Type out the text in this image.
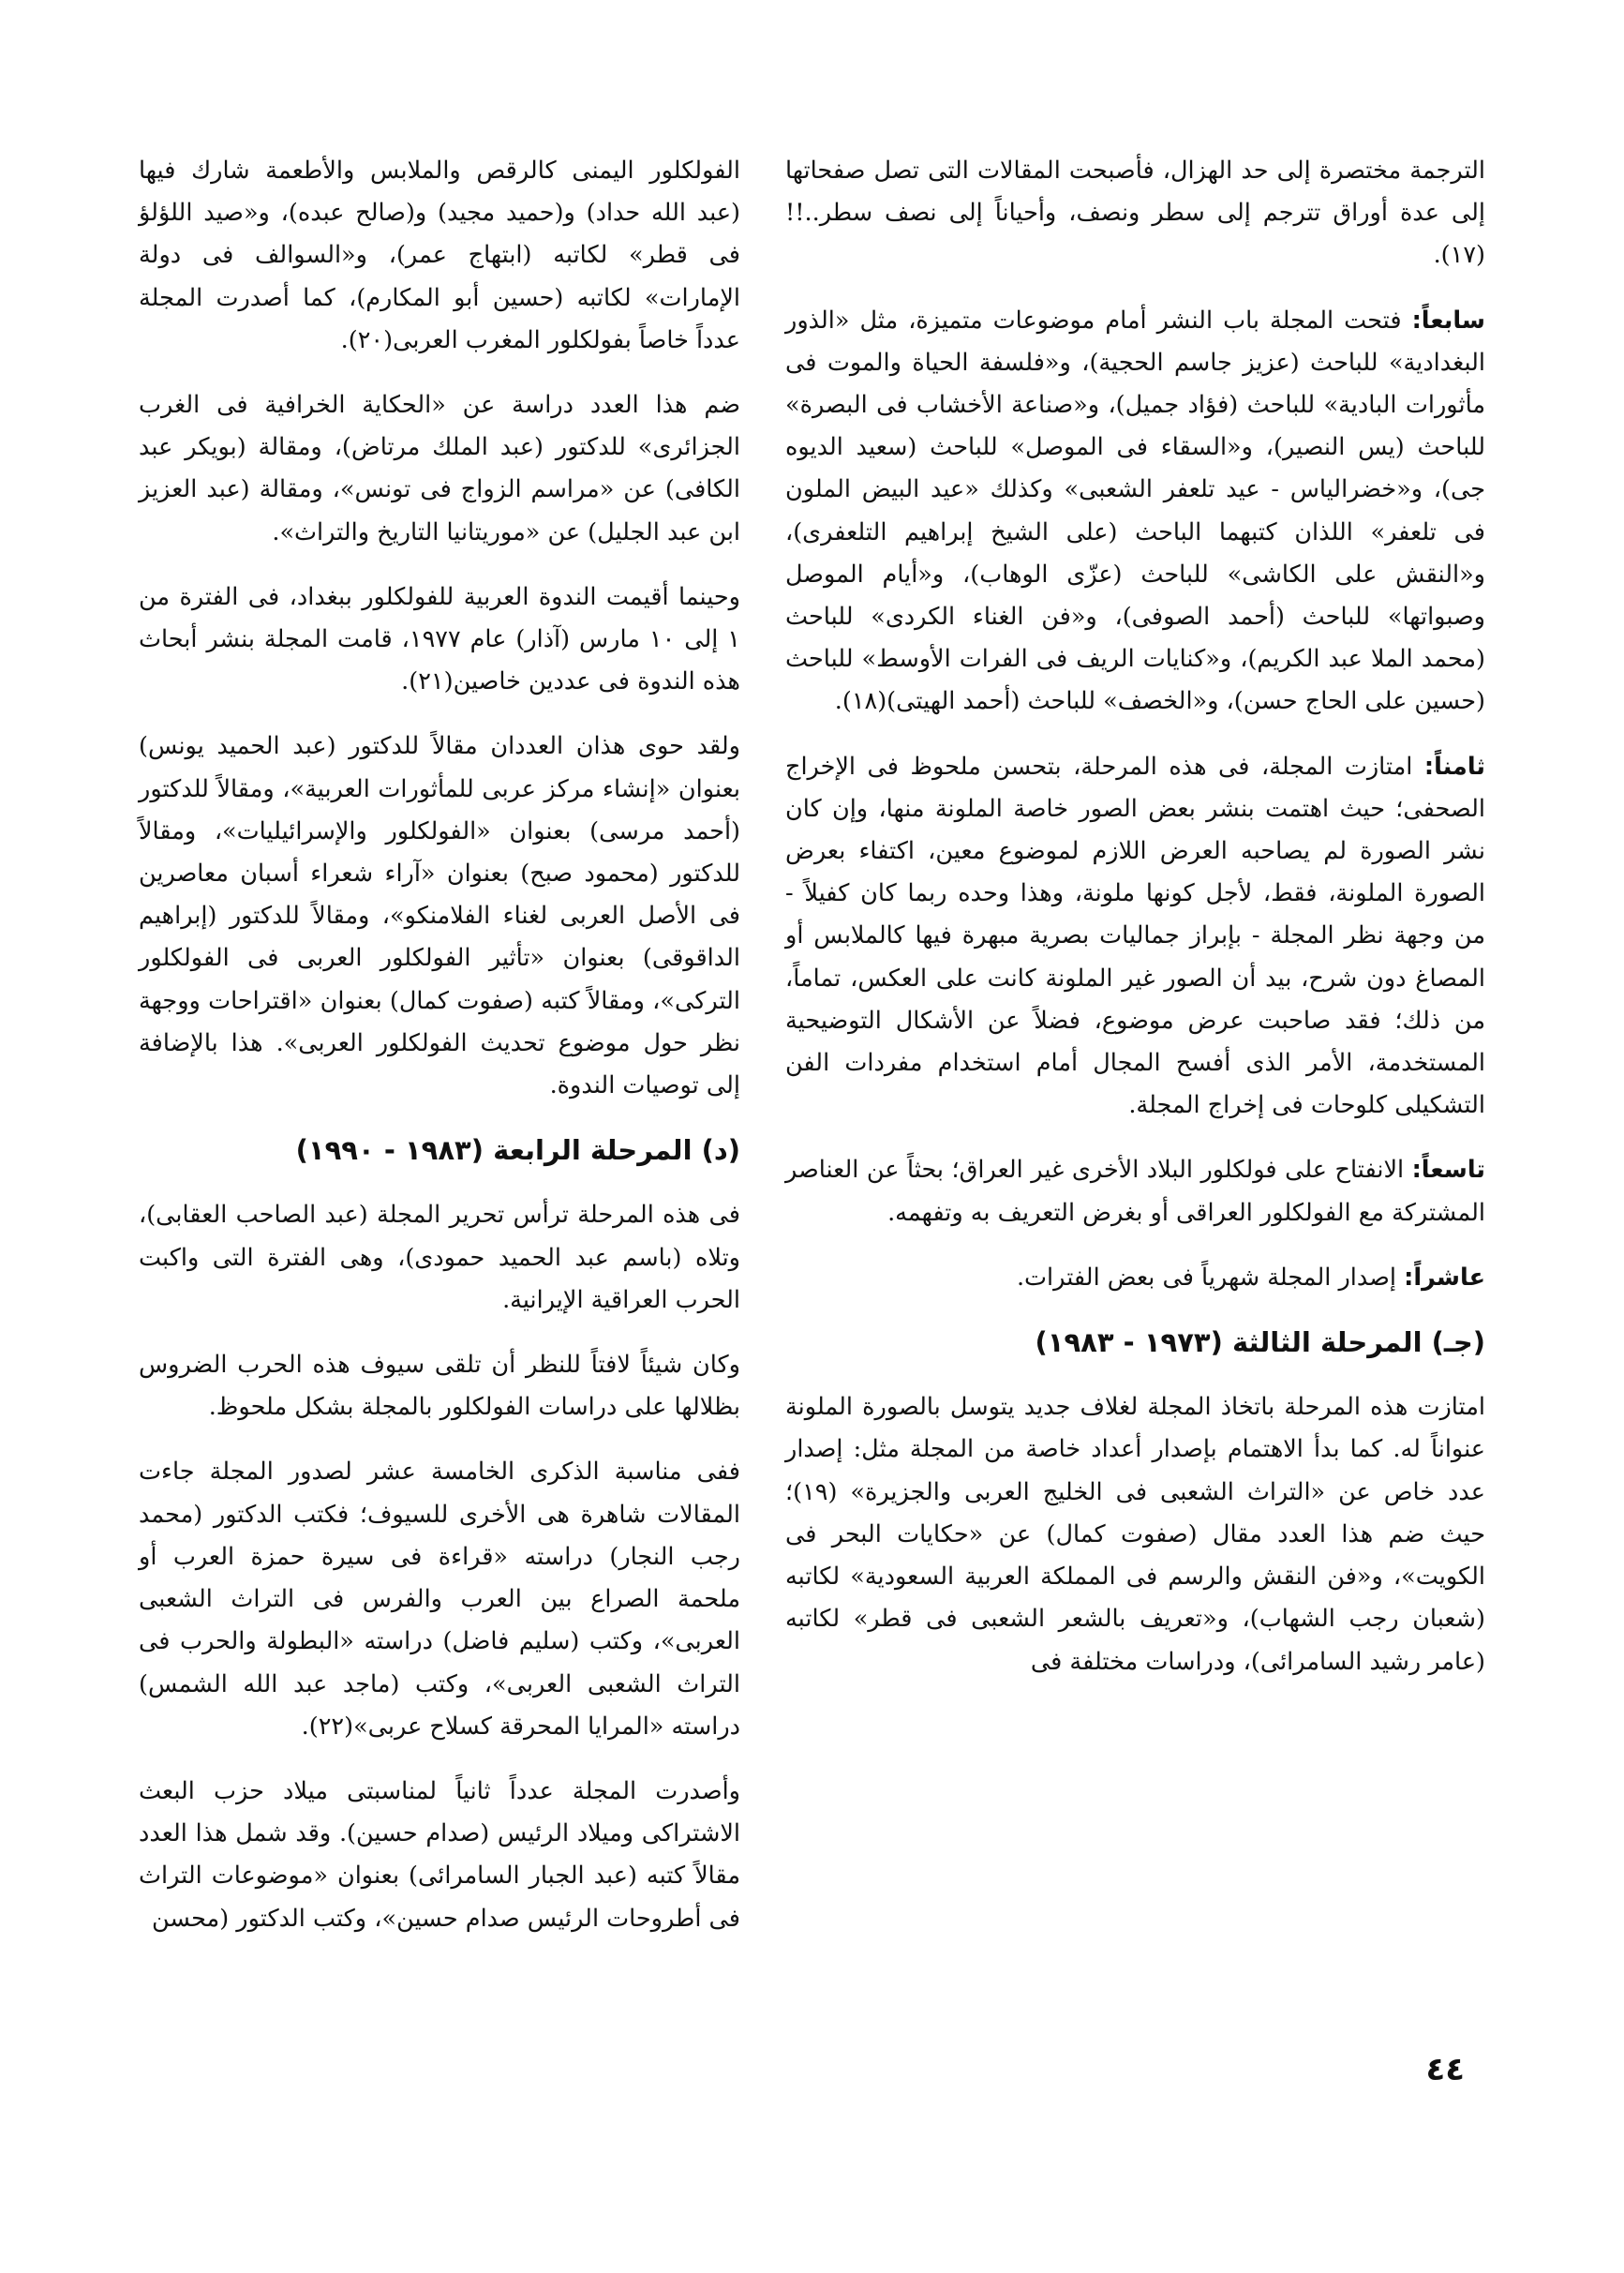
الترجمة مختصرة إلى حد الهزال، فأصبحت المقالات التى تصل صفحاتها إلى عدة أوراق تترجم إلى سطر ونصف، وأحياناً إلى نصف سطر..!!(١٧).

سابعاً: فتحت المجلة باب النشر أمام موضوعات متميزة، مثل «الذور البغدادية» للباحث (عزيز جاسم الحجية)، و«فلسفة الحياة والموت فى مأثورات البادية» للباحث (فؤاد جميل)، و«صناعة الأخشاب فى البصرة» للباحث (يس النصير)، و«السقاء فى الموصل» للباحث (سعيد الديوه جى)، و«خضرالياس - عيد تلعفر الشعبى» وكذلك «عيد البيض الملون فى تلعفر» اللذان كتبهما الباحث (على الشيخ إبراهيم التلعفرى)، و«النقش على الكاشى» للباحث (عزّى الوهاب)، و«أيام الموصل وصبواتها» للباحث (أحمد الصوفى)، و«فن الغناء الكردى» للباحث (محمد الملا عبد الكريم)، و«كنايات الريف فى الفرات الأوسط» للباحث (حسين على الحاج حسن)، و«الخصف» للباحث (أحمد الهيتى)(١٨).

ثامناً: امتازت المجلة، فى هذه المرحلة، بتحسن ملحوظ فى الإخراج الصحفى؛ حيث اهتمت بنشر بعض الصور خاصة الملونة منها، وإن كان نشر الصورة لم يصاحبه العرض اللازم لموضوع معين، اكتفاء بعرض الصورة الملونة، فقط، لأجل كونها ملونة، وهذا وحده ربما كان كفيلاً - من وجهة نظر المجلة - بإبراز جماليات بصرية مبهرة فيها كالملابس أو المصاغ دون شرح، بيد أن الصور غير الملونة كانت على العكس، تماماً، من ذلك؛ فقد صاحبت عرض موضوع، فضلاً عن الأشكال التوضيحية المستخدمة، الأمر الذى أفسح المجال أمام استخدام مفردات الفن التشكيلى كلوحات فى إخراج المجلة.

تاسعاً: الانفتاح على فولكلور البلاد الأخرى غير العراق؛ بحثاً عن العناصر المشتركة مع الفولكلور العراقى أو بغرض التعريف به وتفهمه.

عاشراً: إصدار المجلة شهرياً فى بعض الفترات.

(جـ) المرحلة الثالثة (١٩٧٣ - ١٩٨٣)

امتازت هذه المرحلة باتخاذ المجلة لغلاف جديد يتوسل بالصورة الملونة عنواناً له. كما بدأ الاهتمام بإصدار أعداد خاصة من المجلة مثل: إصدار عدد خاص عن «التراث الشعبى فى الخليج العربى والجزيرة» (١٩)؛ حيث ضم هذا العدد مقال (صفوت كمال) عن «حكايات البحر فى الكويت»، و«فن النقش والرسم فى المملكة العربية السعودية» لكاتبه (شعبان رجب الشهاب)، و«تعريف بالشعر الشعبى فى قطر» لكاتبه (عامر رشيد السامرائى)، ودراسات مختلفة فى

الفولكلور اليمنى كالرقص والملابس والأطعمة شارك فيها (عبد الله حداد) و(حميد مجيد) و(صالح عبده)، و«صيد اللؤلؤ فى قطر» لكاتبه (ابتهاج عمر)، و«السوالف فى دولة الإمارات» لكاتبه (حسين أبو المكارم)، كما أصدرت المجلة عدداً خاصاً بفولكلور المغرب العربى(٢٠).

ضم هذا العدد دراسة عن «الحكاية الخرافية فى الغرب الجزائرى» للدكتور (عبد الملك مرتاض)، ومقالة (بويكر عبد الكافى) عن «مراسم الزواج فى تونس»، ومقالة (عبد العزيز ابن عبد الجليل) عن «موريتانيا التاريخ والتراث».

وحينما أقيمت الندوة العربية للفولكلور ببغداد، فى الفترة من ١ إلى ١٠ مارس (آذار) عام ١٩٧٧، قامت المجلة بنشر أبحاث هذه الندوة فى عددين خاصين(٢١).

ولقد حوى هذان العددان مقالاً للدكتور (عبد الحميد يونس) بعنوان «إنشاء مركز عربى للمأثورات العربية»، ومقالاً للدكتور (أحمد مرسى) بعنوان «الفولكلور والإسرائيليات»، ومقالاً للدكتور (محمود صبح) بعنوان «آراء شعراء أسبان معاصرين فى الأصل العربى لغناء الفلامنكو»، ومقالاً للدكتور (إبراهيم الداقوقى) بعنوان «تأثير الفولكلور العربى فى الفولكلور التركى»، ومقالاً كتبه (صفوت كمال) بعنوان «اقتراحات ووجهة نظر حول موضوع تحديث الفولكلور العربى». هذا بالإضافة إلى توصيات الندوة.

(د) المرحلة الرابعة (١٩٨٣ - ١٩٩٠)

فى هذه المرحلة ترأس تحرير المجلة (عبد الصاحب العقابى)، وتلاه (باسم عبد الحميد حمودى)، وهى الفترة التى واكبت الحرب العراقية الإيرانية.

وكان شيئاً لافتاً للنظر أن تلقى سيوف هذه الحرب الضروس بظلالها على دراسات الفولكلور بالمجلة بشكل ملحوظ.

ففى مناسبة الذكرى الخامسة عشر لصدور المجلة جاءت المقالات شاهرة هى الأخرى للسيوف؛ فكتب الدكتور (محمد رجب النجار) دراسته «قراءة فى سيرة حمزة العرب أو ملحمة الصراع بين العرب والفرس فى التراث الشعبى العربى»، وكتب (سليم فاضل) دراسته «البطولة والحرب فى التراث الشعبى العربى»، وكتب (ماجد عبد الله الشمس) دراسته «المرايا المحرقة كسلاح عربى»(٢٢).

وأصدرت المجلة عدداً ثانياً لمناسبتى ميلاد حزب البعث الاشتراكى وميلاد الرئيس (صدام حسين). وقد شمل هذا العدد مقالاً كتبه (عبد الجبار السامرائى) بعنوان «موضوعات التراث فى أطروحات الرئيس صدام حسين»، وكتب الدكتور (محسن

٤٤
